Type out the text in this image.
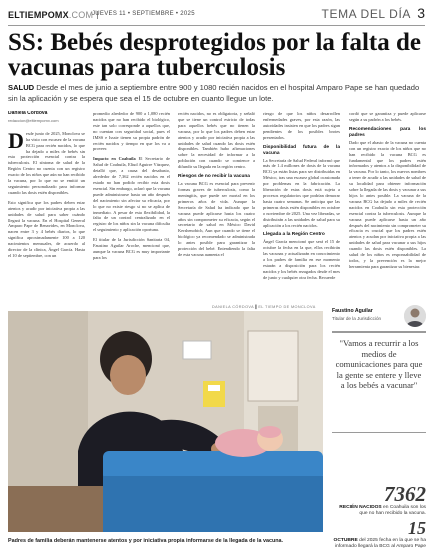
ELTIEMPOMX.COM
JUEVES 11 • SEPTIEMBRE • 2025	TEMA DEL DÍA 3
SS: Bebés desprotegidos por la falta de vacunas para tuberculosis
SALUD Desde el mes de junio a septiembre entre 900 y 1080 recién nacidos en el hospital Amparo Pape se han quedado sin la aplicación y se espera que sea el 15 de octubre en cuanto llegue un lote.
Daniela Cordova
redaccion@eltiempomx.com

Desde junio de 2025, Monclova se ha visto con escasez de la vacuna BCG para recién nacidos, lo que ha dejado a miles de bebés sin esta protección esencial contra la tuberculosis. El síntoma de salud de la Región Centro no cuenta con un registro exacto de los niños que aún no han recibido la vacuna, por lo que no se emitió un seguimiento personalizado para informar cuando las dosis estén disponibles.

Esto significa que los padres deben estar atentos y acudir por iniciativa propia a las unidades de salud para saber cuándo llegará la vacuna. En el Hospital General Amparo Pape de Benavides, en Monclova, nacen entre 3 y 4 bebés diarios, lo que significa aproximadamente 100 a 120 nacimientos mensuales, de acuerdo al director de la clínica, Ángel García. Hasta el 10 de septiembre, con un

promedio alrededor de 900 a 1,080 recién nacidos que no han recibido el biológico, este tan solo corresponde a aquellos que, no cuentan con seguridad social, pues el IMSS e Issste tienen su propia padrón de recién nacidos y tiempo en que los va a proveer.

Impacto en Coahuila El Secretario de Salud de Coahuila, Eliud Aguirre Vázquez, detalló que, a causa del desabasto, alrededor de 7,362 recién nacidos en el estado no han podido recibir esta dosis esencial. Sin embargo, aclaró que la vacuna puede administrarse hasta un año después del nacimiento sin afectar su eficacia, por lo que no existe riesgo si no se aplica de inmediato. A pesar de esta flexibilidad, la falta de un control centralizado en el registro de los niños sin la vacuna dificulta el seguimiento y aplicación oportuna.

El titular de la Jurisdicción Sanitaria 04, Faustino Aguilar Aroche, mencionó que, aunque la vacuna BCG es muy importante para los

recién nacidos, no es obligatoria, y señaló que se tiene un control estricto de todas para aquellos bebés que no tienen la vacuna, por lo que los padres deben estar atentos y acudir por iniciativa propia a las unidades de salud cuando las dosis estén disponibles. También hubo afirmaciones sobre la necesidad de informar a la población con cuando se comience a difundir su llegada en la región centro.

Riesgos de no recibir la vacuna

La vacuna BCG es esencial para prevenir formas graves de tuberculosis, como la meningitis, que puede ser mortal en los primeros años de vida. Aunque la Secretaría de Salud ha indicado que la vacuna puede aplicarse hasta los cuatro años sin comprometer su eficacia, según el secretario de salud en México David Kershenobich, Aun que cuando se tiene el biológico ya recomendado se administrada lo antes posible para garantizar la protección del bebé. Entendiendo la falta de esta vacuna aumenta el

riesgo de que los niños desarrollen enfermedades graves, por esta razón, las autoridades insisten en que los padres sigan pendientes de los posibles brotes presentados.

Disponibilidad futura de la vacuna

La Secretaría de Salud Federal informó que más de 1.4 millones de dosis de la vacuna BCG ya están listas para ser distribuidas en México, tras una escasez global ocasionada por problemas en la fabricación. La liberación de estas dosis está sujeta a procesos regulatorios que podrían demorar hasta cuatro semanas. Se anticipa que las primeras dosis estén disponibles en octubre o noviembre de 2025. Una vez liberadas, se distribuirán a las unidades de salud para su aplicación a los recién nacidos.

Llegada a la Región Centro

Ángel García mencionó que será el 15 de octubre la fecha en la que, ellos recibirán las vacunas y actualizarán en conocimiento a los padres de familia en ese momento estarán a disposición para los recién nacidos y los bebés rezagados desde el mes de junio y cualquier otra fecha. Recuerde

cordó que se garantiza y puede aplicarse según a su padrón a los bebés.

Recomendaciones para los padres

Dado que el abasto de la vacuna no cuenta con un registro exacto de los niños que no han recibido la vacuna BCG es fundamental que los padres estén informados y atentos a la disponibilidad de la vacuna. Por lo tanto, los nuevos nombres a tener de acudir a las unidades de salud de su localidad para obtener información sobre la llegada de las dosis y vacunar a sus hijos lo antes posible. La vacuna de la vacuna BCG ha dejado a miles de recién nacidos en Coahuila sin esta protección esencial contra la tuberculosis. Aunque la vacuna puede aplicarse hasta un año después del nacimiento sin comprometer su eficacia es crucial que los padres estén atentos y acudan por iniciativa propia a las unidades de salud para vacunar a sus hijos cuando las dosis estén disponibles. La salud de los niños es responsabilidad de todos, y la prevención es la mejor herramienta para garantizar su bienestar.

DANIELA CÓRDOVA ▌EL TIEMPO DE MONCLOVA
Padres de familia deberán mantenerse atentos y por iniciativa propia informarse de la llegada de la vacuna.
Faustino Aguilar
Titular de la Jurisdicción
"Vamos a recurrir a los medios de comunicaciones para que la gente se entere y lleve a los bebés a vacunar"
7362
RECIÉN NACIDOS en Coahuila son los que no han recibido la vacuna.
15
OCTUBRE del 2025 fecha en la que se ha informado llegará la BCG al Amparo Pape
